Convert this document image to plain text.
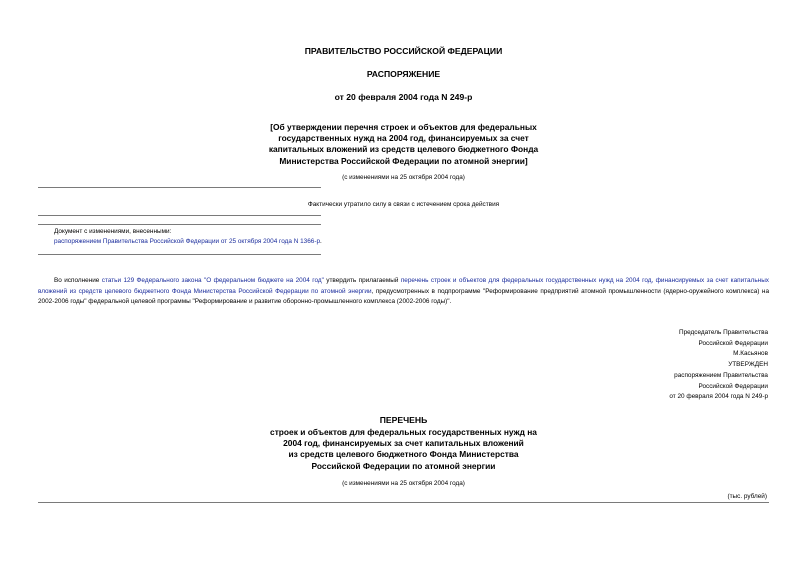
ПРАВИТЕЛЬСТВО РОССИЙСКОЙ ФЕДЕРАЦИИ
РАСПОРЯЖЕНИЕ
от 20 февраля 2004 года N 249-р
[Об утверждении перечня строек и объектов для федеральных
государственных нужд на 2004 год, финансируемых за счет
капитальных вложений из средств целевого бюджетного Фонда
Министерства Российской Федерации по атомной энергии]
(с изменениями на 25 октября 2004 года)
Фактически утратило силу в связи с истечением срока действия
Документ с изменениями, внесенными:
распоряжением Правительства Российской Федерации от 25 октября 2004 года N 1366-р.
Во исполнение статьи 129 Федерального закона "О федеральном бюджете на 2004 год" утвердить прилагаемый перечень строек и объектов для федеральных государственных нужд на 2004 год, финансируемых за счет капитальных вложений из средств целевого бюджетного Фонда Министерства Российской Федерации по атомной энергии, предусмотренных в подпрограмме "Реформирование предприятий атомной промышленности (ядерно-оружейного комплекса) на 2002-2006 годы" федеральной целевой программы "Реформирование и развитие оборонно-промышленного комплекса (2002-2006 годы)".
Председатель Правительства
Российской Федерации
М.Касьянов
УТВЕРЖДЕН
распоряжением Правительства
Российской Федерации
от 20 февраля 2004 года N 249-р
ПЕРЕЧЕНЬ
строек и объектов для федеральных государственных нужд на
2004 год, финансируемых за счет капитальных вложений
из средств целевого бюджетного Фонда Министерства
Российской Федерации по атомной энергии
(с изменениями на 25 октября 2004 года)
(тыс. рублей)
